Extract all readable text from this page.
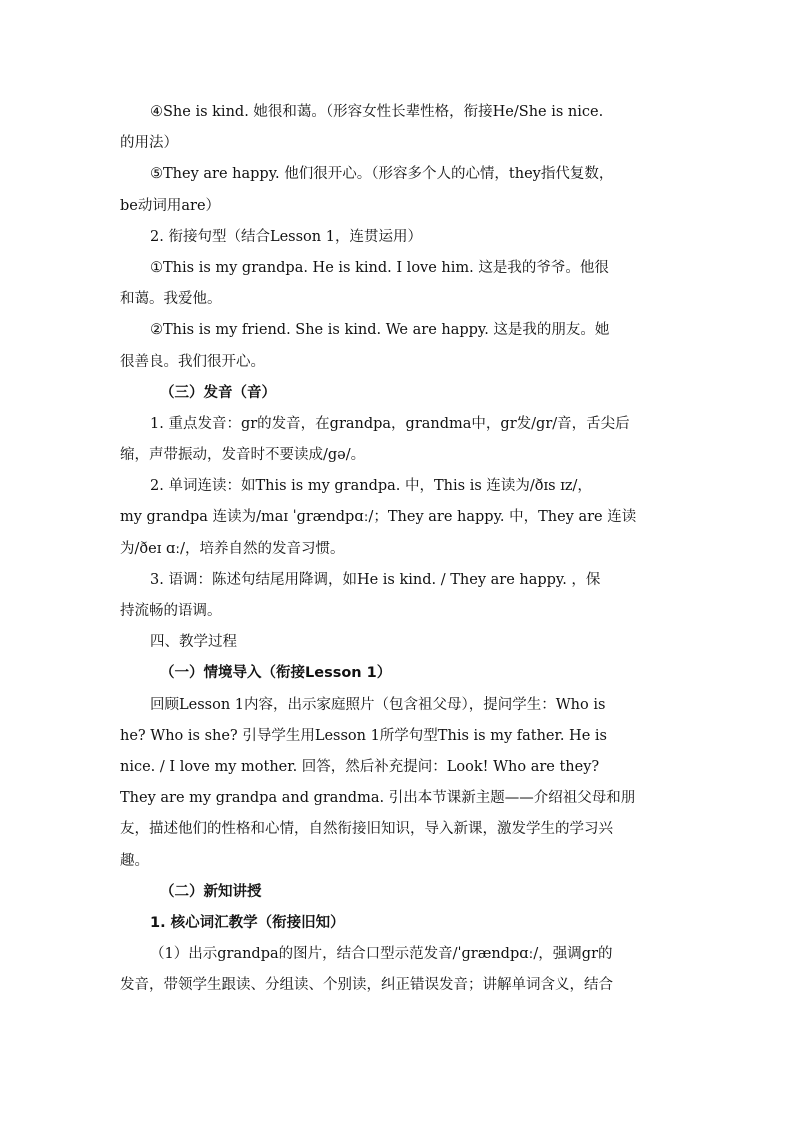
④She is kind. 她很和蔼。（形容女性长辈性格，衔接He/She is nice.
的用法）
⑤They are happy. 他们很开心。（形容多个人的心情，they指代复数，
be动词用are）
2. 衔接句型（结合Lesson 1，连贯运用）
①This is my grandpa. He is kind. I love him. 这是我的爷爷。他很
和蔼。我爱他。
②This is my friend. She is kind. We are happy. 这是我的朋友。她
很善良。我们很开心。
（三）发音（音）
1. 重点发音：gr的发音，在grandpa，grandma中，gr发/gr/音，舌尖后
缩，声带振动，发音时不要读成/gə/。
2. 单词连读：如This is my grandpa. 中，This is 连读为/ðɪs ɪz/，
my grandpa 连读为/maɪ ˈɡrændpɑː/；They are happy. 中，They are 连读
为/ðeɪ ɑː/，培养自然的发音习惯。
3. 语调：陈述句结尾用降调，如He is kind. / They are happy. ，保
持流畅的语调。
四、教学过程
（一）情境导入（衔接Lesson 1）
回顾Lesson 1内容，出示家庭照片（包含祖父母），提问学生：Who is
he? Who is she? 引导学生用Lesson 1所学句型This is my father. He is
nice. / I love my mother. 回答，然后补充提问：Look! Who are they?
They are my grandpa and grandma. 引出本节课新主题——介绍祖父母和朋
友，描述他们的性格和心情，自然衔接旧知识，导入新课，激发学生的学习兴
趣。
（二）新知讲授
1. 核心词汇教学（衔接旧知）
（1）出示grandpa的图片，结合口型示范发音/ˈɡrændpɑː/，强调gr的
发音，带领学生跟读、分组读、个别读，纠正错误发音；讲解单词含义，结合
